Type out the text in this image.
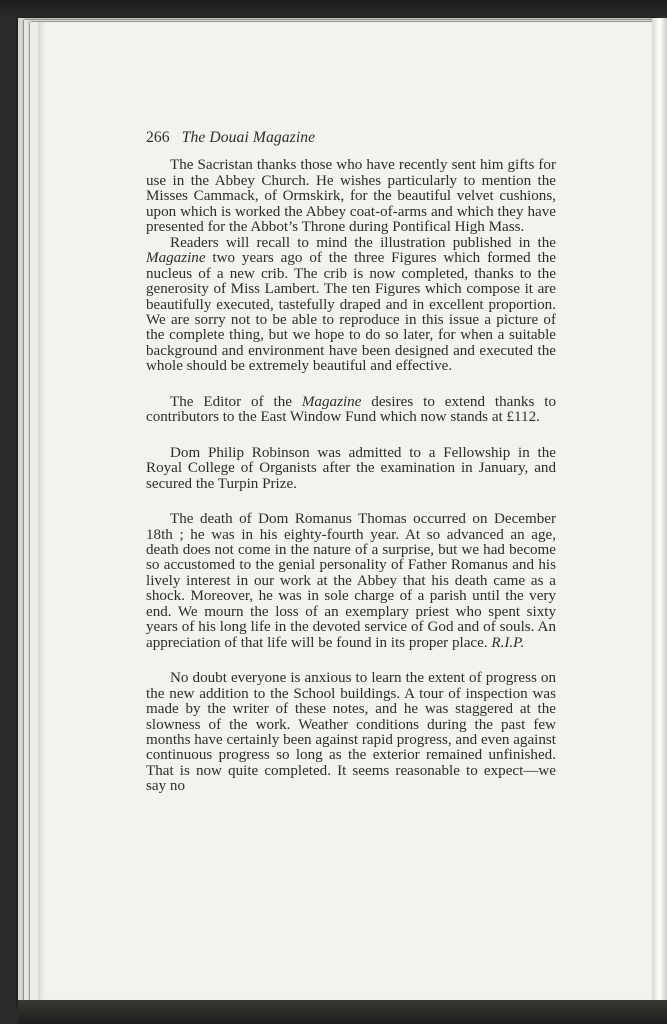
266 The Douai Magazine

The Sacristan thanks those who have recently sent him gifts for use in the Abbey Church. He wishes particularly to mention the Misses Cammack, of Ormskirk, for the beautiful velvet cushions, upon which is worked the Abbey coat-of-arms and which they have presented for the Abbot’s Throne during Pontifical High Mass.

Readers will recall to mind the illustration published in the Magazine two years ago of the three Figures which formed the nucleus of a new crib. The crib is now completed, thanks to the generosity of Miss Lambert. The ten Figures which compose it are beautifully executed, tastefully draped and in excellent proportion. We are sorry not to be able to reproduce in this issue a picture of the complete thing, but we hope to do so later, for when a suitable background and environment have been designed and executed the whole should be extremely beautiful and effective.

The Editor of the Magazine desires to extend thanks to contributors to the East Window Fund which now stands at £112.

Dom Philip Robinson was admitted to a Fellowship in the Royal College of Organists after the examination in January, and secured the Turpin Prize.

The death of Dom Romanus Thomas occurred on December 18th ; he was in his eighty-fourth year. At so advanced an age, death does not come in the nature of a surprise, but we had become so accustomed to the genial personality of Father Romanus and his lively interest in our work at the Abbey that his death came as a shock. Moreover, he was in sole charge of a parish until the very end. We mourn the loss of an exemplary priest who spent sixty years of his long life in the devoted service of God and of souls. An appreciation of that life will be found in its proper place. R.I.P.

No doubt everyone is anxious to learn the extent of progress on the new addition to the School buildings. A tour of inspection was made by the writer of these notes, and he was staggered at the slowness of the work. Weather conditions during the past few months have certainly been against rapid progress, and even against continuous progress so long as the exterior remained unfinished. That is now quite completed. It seems reasonable to expect—we say no
